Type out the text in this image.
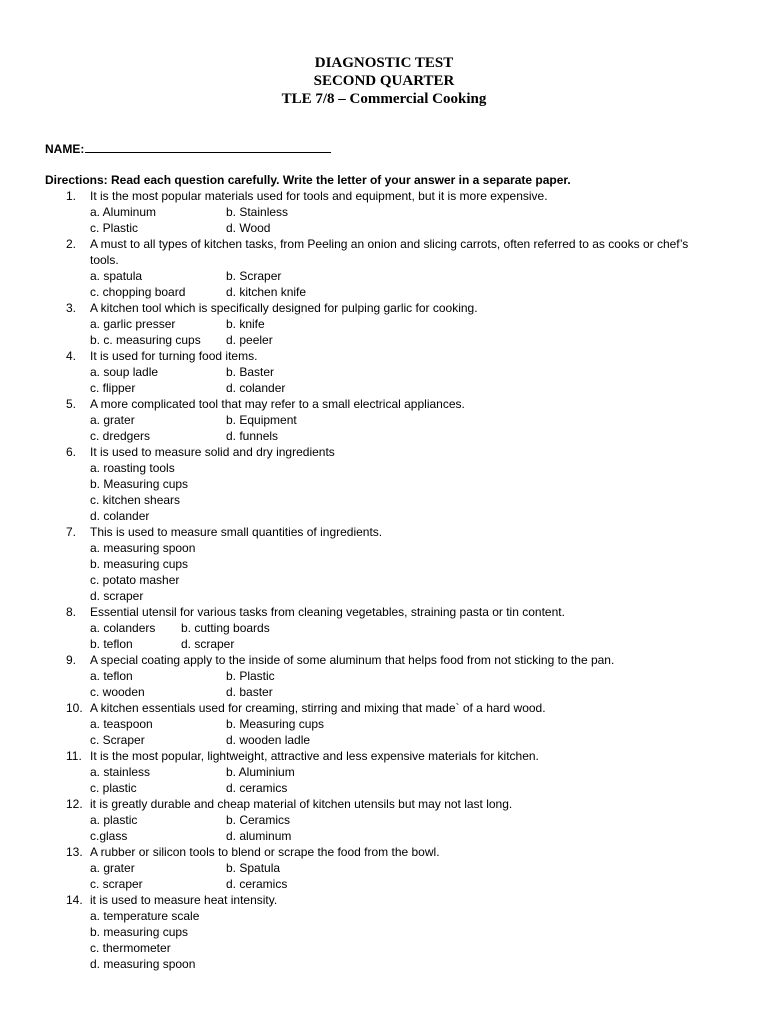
DIAGNOSTIC TEST
SECOND QUARTER
TLE 7/8 – Commercial Cooking
NAME:
Directions: Read each question carefully. Write the letter of your answer in a separate paper.
1. It is the most popular materials used for tools and equipment, but it is more expensive.
a. Aluminum	b. Stainless
c. Plastic	d. Wood
2. A must to all types of kitchen tasks, from Peeling an onion and slicing carrots, often referred to as cooks or chef’s tools.
a. spatula	b. Scraper
c. chopping board	d. kitchen knife
3. A kitchen tool which is specifically designed for pulping garlic for cooking.
a. garlic presser	b. knife
b. c. measuring cups d. peeler
4. It is used for turning food items.
a. soup ladle	b. Baster
c. flipper	d. colander
5. A more complicated tool that may refer to a small electrical appliances.
a. grater	b. Equipment
c. dredgers	d. funnels
6. It is used to measure solid and dry ingredients
a. roasting tools
b. Measuring cups
c. kitchen shears
d. colander
7. This is used to measure small quantities of ingredients.
a. measuring spoon
b. measuring cups
c. potato masher
d. scraper
8. Essential utensil for various tasks from cleaning vegetables, straining pasta or tin content.
a. colanders b. cutting boards
b. teflon	d. scraper
9. A special coating apply to the inside of some aluminum that helps food from not sticking to the pan.
a. teflon	b. Plastic
c. wooden	d. baster
10. A kitchen essentials used for creaming, stirring and mixing that made` of a hard wood.
a. teaspoon	b. Measuring cups
c. Scraper	d. wooden ladle
11. It is the most popular, lightweight, attractive and less expensive materials for kitchen.
a. stainless	b. Aluminium
c. plastic	d. ceramics
12. it is greatly durable and cheap material of kitchen utensils but may not last long.
a. plastic	b. Ceramics
c.glass	d. aluminum
13. A rubber or silicon tools to blend or scrape the food from the bowl.
a. grater	b. Spatula
c. scraper	d. ceramics
14. it is used to measure heat intensity.
a. temperature scale
b. measuring cups
c. thermometer
d. measuring spoon
